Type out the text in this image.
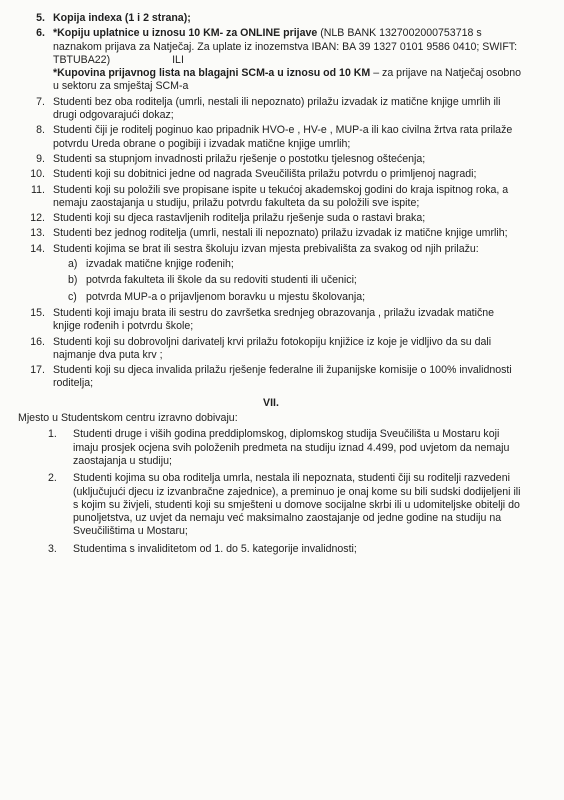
5. Kopija indexa (1 i 2 strana);
6. *Kopiju uplatnice u iznosu 10 KM- za ONLINE prijave (NLB BANK 1327002000753718 s naznakom prijava za Natječaj. Za uplate iz inozemstva IBAN: BA 39 1327 0101 9586 0410; SWIFT: TBTUBA22)	ILI
*Kupovina prijavnog lista na blagajni SCM-a u iznosu od 10 KM – za prijave na Natječaj osobno u sektoru za smještaj SCM-a
7. Studenti bez oba roditelja (umrli, nestali ili nepoznato) prilažu izvadak iz matične knjige umrlih ili drugi odgovarajući dokaz;
8. Studenti čiji je roditelj poginuo kao pripadnik HVO-e , HV-e , MUP-a ili kao civilna žrtva rata prilaže potvrdu Ureda obrane o pogibiji i izvadak matične knjige umrlih;
9. Studenti sa stupnjom invadnosti prilažu rješenje o postotku tjelesnog oštećenja;
10. Studenti koji su dobitnici jedne od nagrada Sveučilišta prilažu potvrdu o primljenoj nagradi;
11. Studenti koji su položili sve propisane ispite u tekućoj akademskoj godini do kraja ispitnog roka, a nemaju zaostajanja u studiju, prilažu potvrdu fakulteta da su položili sve ispite;
12. Studenti koji su djeca rastavljenih roditelja prilažu rješenje suda o rastavi braka;
13. Studenti bez jednog roditelja (umrli, nestali ili nepoznato) prilažu izvadak iz matične knjige umrlih;
14. Studenti kojima se brat ili sestra školuju izvan mjesta prebivališta za svakog od njih prilažu:
a) izvadak matične knjige rođenih;
b) potvrda fakulteta ili škole da su redoviti studenti ili učenici;
c) potvrda MUP-a o prijavljenom boravku u mjestu školovanja;
15. Studenti koji imaju brata ili sestru do završetka srednjeg obrazovanja , prilažu izvadak matične knjige rođenih i potvrdu škole;
16. Studenti koji su dobrovoljni darivatelj krvi prilažu fotokopiju knjižice iz koje je vidljivo da su dali najmanje dva puta krv ;
17. Studenti koji su djeca invalida prilažu rješenje federalne ili županijske komisije o 100% invalidnosti roditelja;
VII.
Mjesto u Studentskom centru izravno dobivaju:
1. Studenti druge i viših godina preddiplomskog, diplomskog studija Sveučilišta u Mostaru koji imaju prosjek ocjena svih položenih predmeta na studiju iznad 4.499, pod uvjetom da nemaju zaostajanja u studiju;
2. Studenti kojima su oba roditelja umrla, nestala ili nepoznata, studenti čiji su roditelji razvedeni (uključujući djecu iz izvanbračne zajednice), a preminuo je onaj kome su bili sudski dodijeljeni ili s kojim su živjeli, studenti koji su smješteni u domove socijalne skrbi ili u udomiteljske obitelji do punoljetstva, uz uvjet da nemaju već maksimalno zaostajanje od jedne godine na studiju na Sveučilištima u Mostaru;
3. Studentima s invaliditetom od 1. do 5. kategorije invalidnosti;
